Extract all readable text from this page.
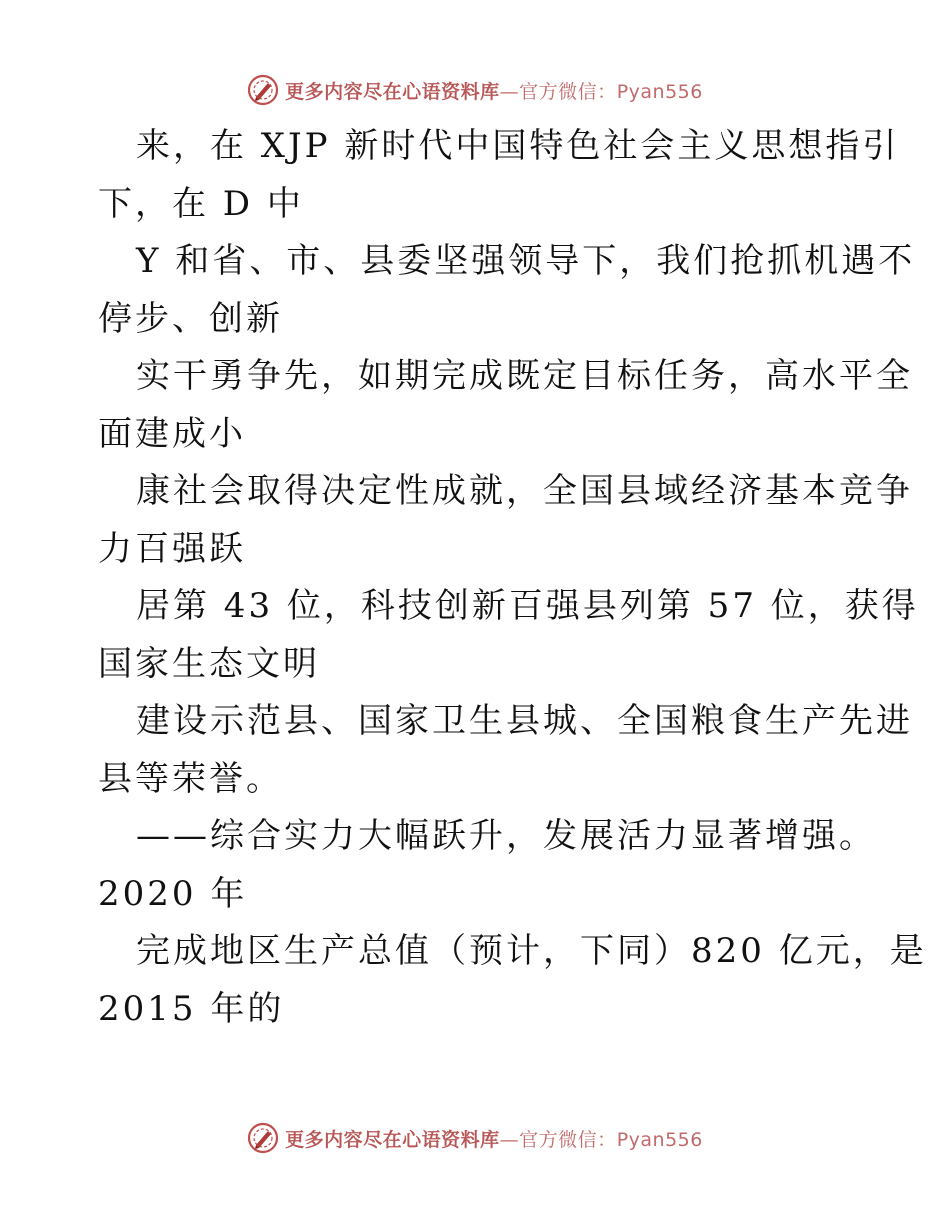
更多内容尽在心语资料库—官方微信：Pyan556
来，在 XJP 新时代中国特色社会主义思想指引
下，在 D 中
Y 和省、市、县委坚强领导下，我们抢抓机遇不
停步、创新
实干勇争先，如期完成既定目标任务，高水平全
面建成小
康社会取得决定性成就，全国县域经济基本竞争
力百强跃
居第 43 位，科技创新百强县列第 57 位，获得
国家生态文明
建设示范县、国家卫生县城、全国粮食生产先进
县等荣誉。
——综合实力大幅跃升，发展活力显著增强。
2020 年
完成地区生产总值（预计，下同）820 亿元，是
2015 年的
更多内容尽在心语资料库—官方微信：Pyan556
